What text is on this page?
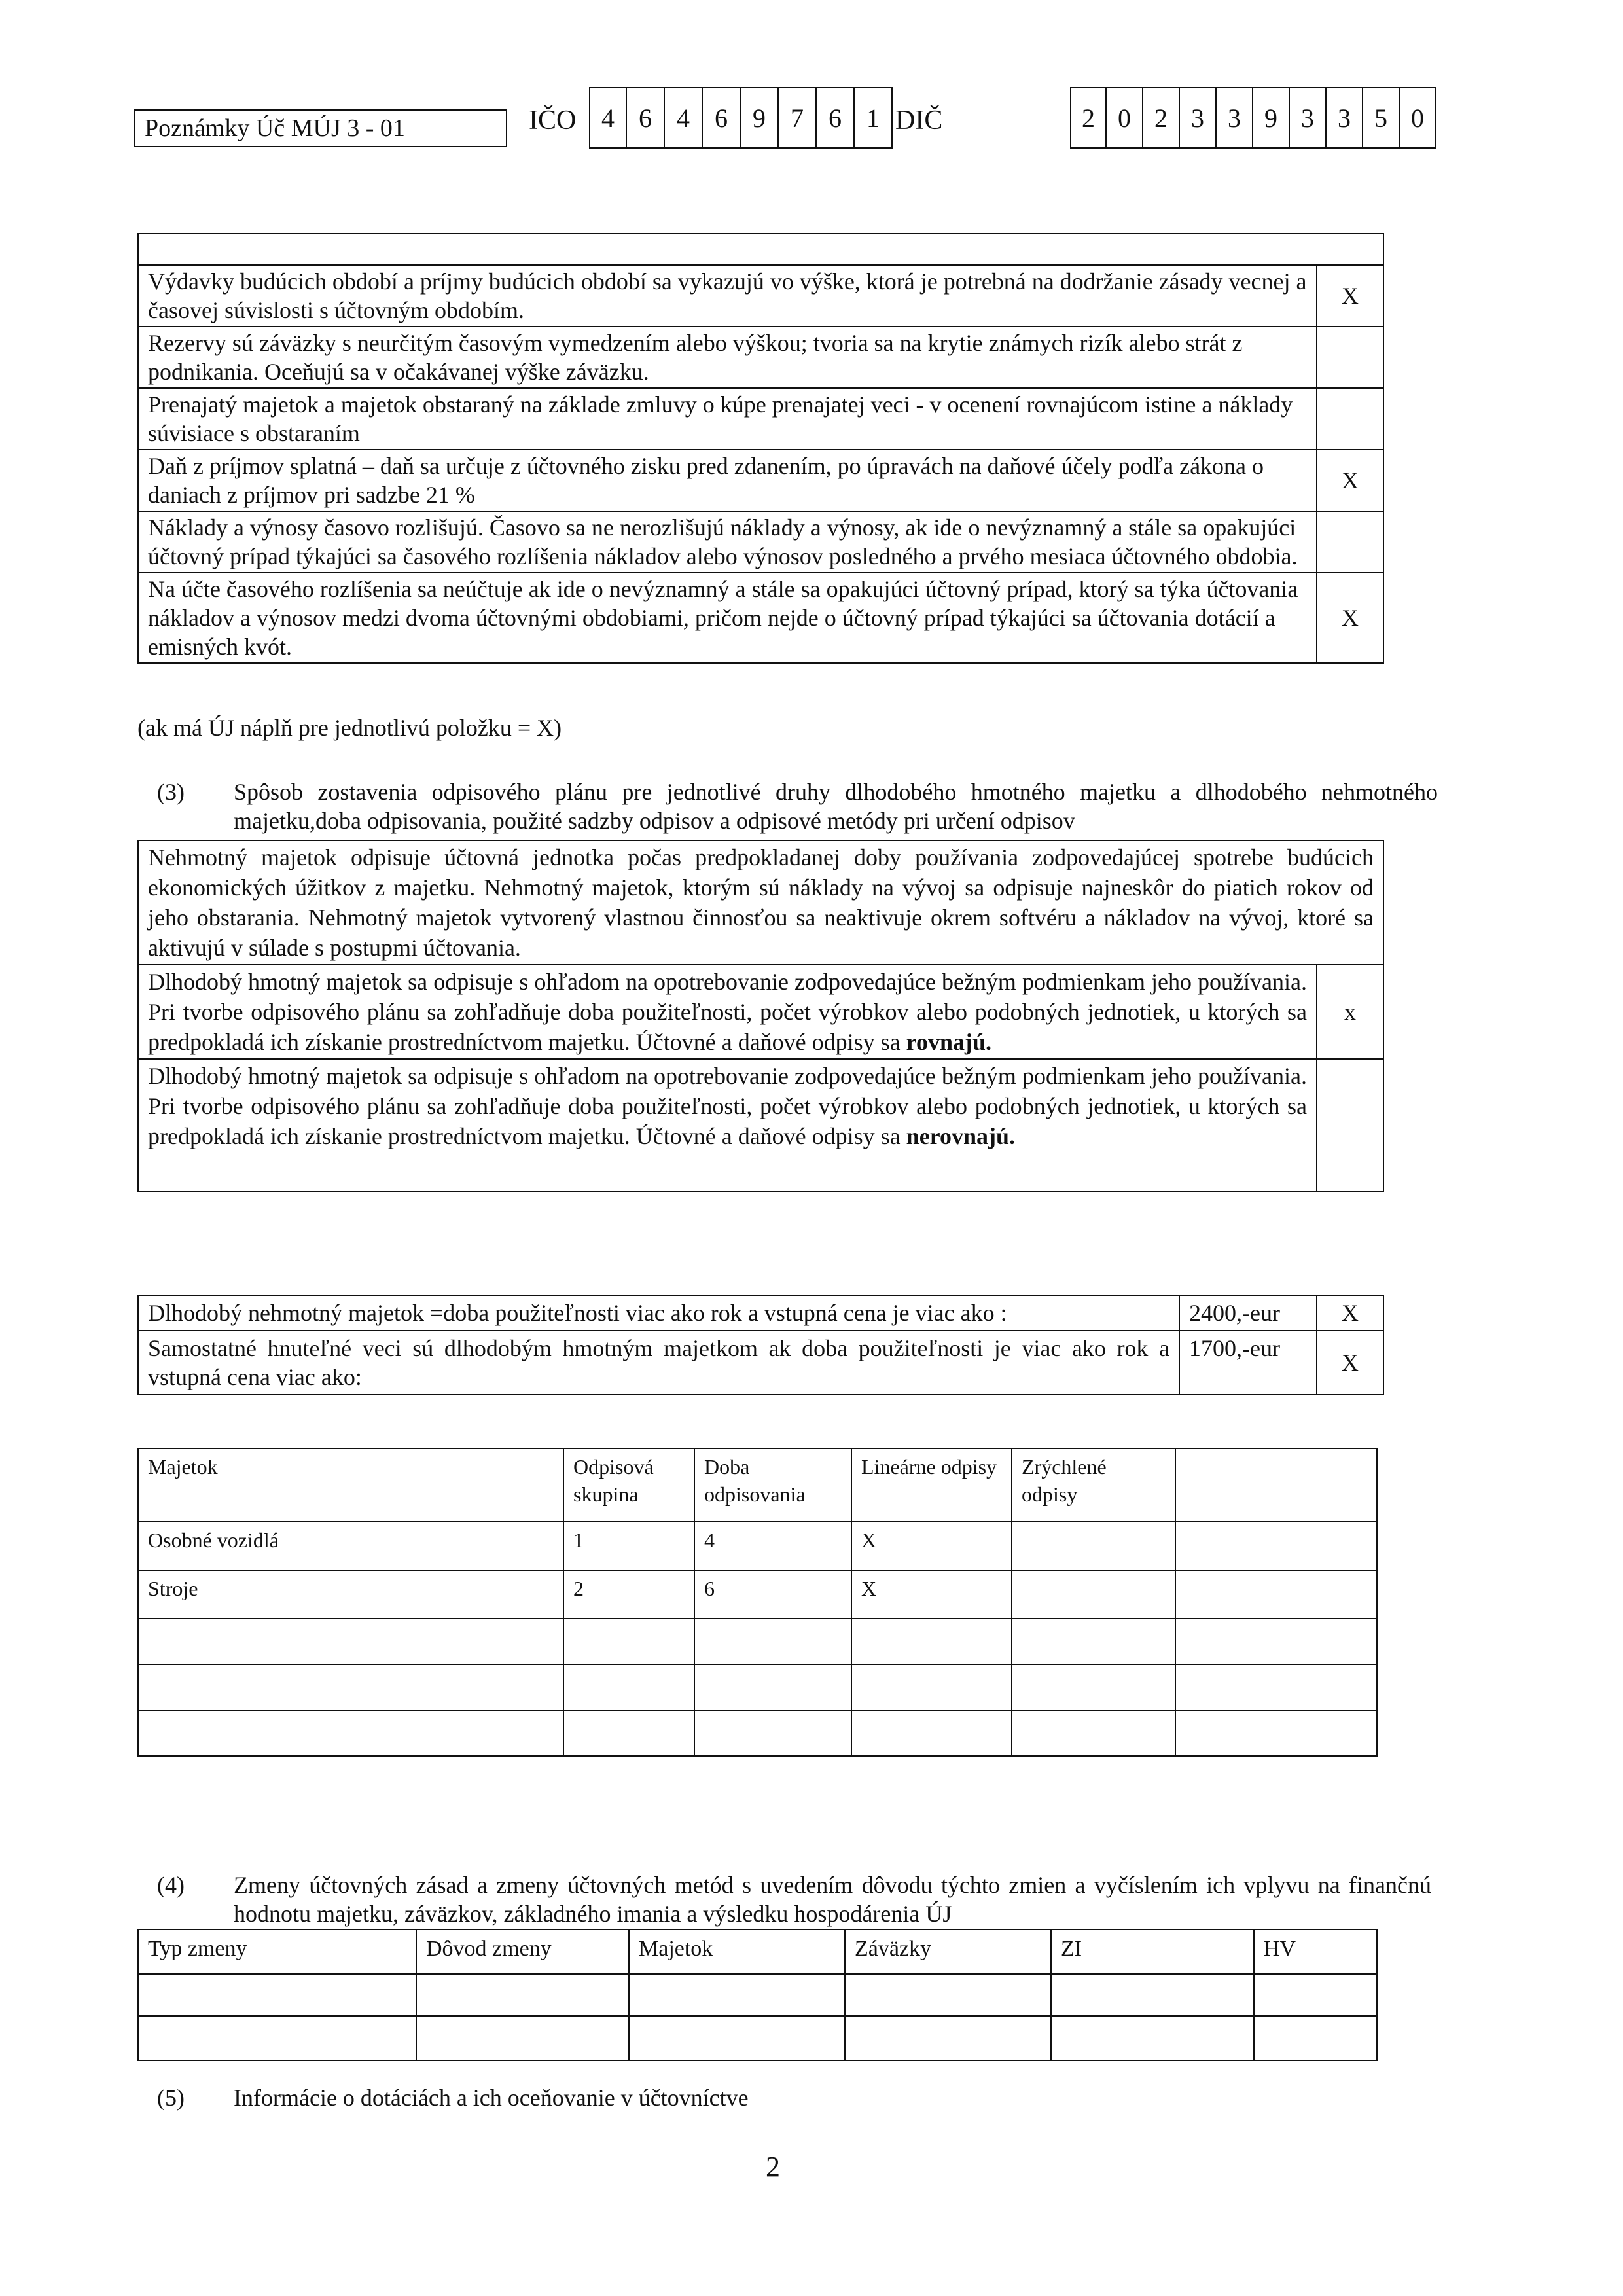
Poznámky Úč MÚJ 3 - 01	IČO 4 6 4 6 9 7 6 1 DIČ	2 0 2 3 3 9 3 3 5 0
Výdavky budúcich období a príjmy budúcich období sa vykazujú vo výške, ktorá je potrebná na dodržanie zásady vecnej a časovej súvislosti s účtovným obdobím.	X
Rezervy sú záväzky s neurčitým časovým vymedzením alebo výškou; tvoria sa na krytie známych rizík alebo strát z podnikania. Oceňujú sa v očakávanej výške záväzku.	
Prenajatý majetok a majetok obstaraný na základe zmluvy o kúpe prenajatej veci - v ocenení rovnajúcom istine a náklady súvisiace s obstaraním	
Daň z príjmov splatná – daň sa určuje z účtovného zisku pred zdanením, po úpravách na daňové účely podľa zákona o daniach z príjmov pri sadzbe 21 %	X
Náklady a výnosy časovo rozlišujú. Časovo sa ne nerozlišujú náklady a výnosy, ak ide o nevýznamný a stále sa opakujúci účtovný prípad týkajúci sa časového rozlíšenia nákladov alebo výnosov posledného a prvého mesiaca účtovného obdobia.	
Na účte časového rozlíšenia sa neúčtuje ak ide o nevýznamný a stále sa opakujúci účtovný prípad, ktorý sa týka účtovania nákladov a výnosov medzi dvoma účtovnými obdobiami, pričom nejde o účtovný prípad týkajúci sa účtovania dotácií a emisných kvót.	X
(ak má ÚJ náplň pre jednotlivú položku = X)
(3) Spôsob zostavenia odpisového plánu pre jednotlivé druhy dlhodobého hmotného majetku a dlhodobého nehmotného majetku,doba odpisovania, použité sadzby odpisov a odpisové metódy pri určení odpisov
Nehmotný majetok odpisuje účtovná jednotka počas predpokladanej doby používania zodpovedajúcej spotrebe budúcich ekonomických úžitkov z majetku. Nehmotný majetok, ktorým sú náklady na vývoj sa odpisuje najneskôr do piatich rokov od jeho obstarania. Nehmotný majetok vytvorený vlastnou činnosťou sa neaktivuje okrem softvéru a nákladov na vývoj, ktoré sa aktivujú v súlade s postupmi účtovania.	
Dlhodobý hmotný majetok sa odpisuje s ohľadom na opotrebovanie zodpovedajúce bežným podmienkam jeho používania. Pri tvorbe odpisového plánu sa zohľadňuje doba použiteľnosti, počet výrobkov alebo podobných jednotiek, u ktorých sa predpokladá ich získanie prostredníctvom majetku. Účtovné a daňové odpisy sa rovnajú.	x
Dlhodobý hmotný majetok sa odpisuje s ohľadom na opotrebovanie zodpovedajúce bežným podmienkam jeho používania. Pri tvorbe odpisového plánu sa zohľadňuje doba použiteľnosti, počet výrobkov alebo podobných jednotiek, u ktorých sa predpokladá ich získanie prostredníctvom majetku. Účtovné a daňové odpisy sa nerovnajú.	
Dlhodobý nehmotný majetok =doba použiteľnosti viac ako rok a vstupná cena je viac ako :	2400,-eur	X
Samostatné hnuteľné veci sú dlhodobým hmotným majetkom ak doba použiteľnosti je viac ako rok a vstupná cena viac ako:	1700,-eur	X
Majetok	Odpisová skupina	Doba odpisovania	Lineárne odpisy	Zrýchlené odpisy	
Osobné vozidlá	1	4	X		
Stroje	2	6	X		

(4) Zmeny účtovných zásad a zmeny účtovných metód s uvedením dôvodu týchto zmien a vyčíslením ich vplyvu na finančnú hodnotu majetku, záväzkov, základného imania a výsledku hospodárenia ÚJ
Typ zmeny	Dôvod zmeny	Majetok	Záväzky	ZI	HV

(5) Informácie o dotáciách a ich oceňovanie v účtovníctve
2
